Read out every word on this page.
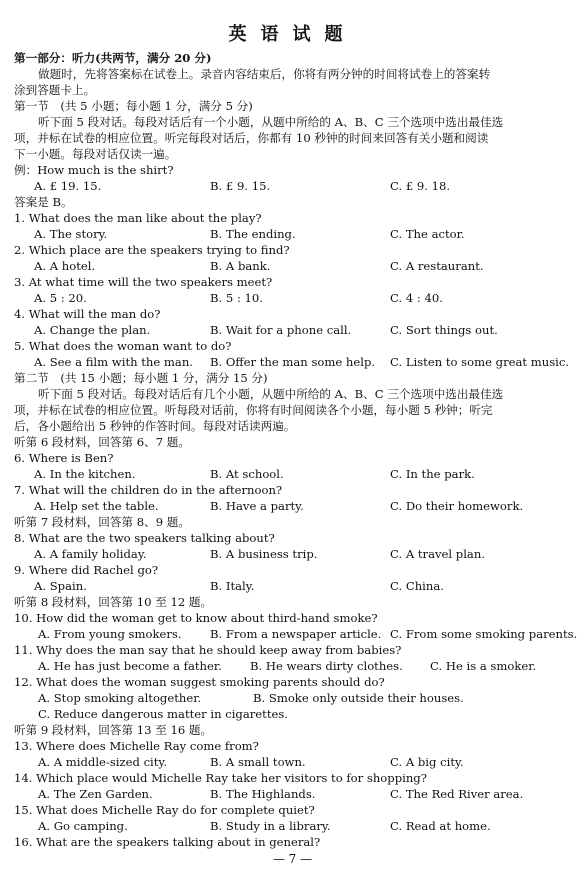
英语试题
第一部分：听力(共两节，满分 20 分)
做题时，先将答案标在试卷上。录音内容结束后，你将有两分钟的时间将试卷上的答案转
涂到答题卡上。
第一节　(共 5 小题；每小题 1 分，满分 5 分)
听下面 5 段对话。每段对话后有一个小题，从题中所给的 A、B、C 三个选项中选出最佳选
项，并标在试卷的相应位置。听完每段对话后，你都有 10 秒钟的时间来回答有关小题和阅读
下一小题。每段对话仅读一遍。
例：How much is the shirt?
A. £ 19. 15.	B. £ 9. 15.	C. £ 9. 18.
答案是 B。
1. What does the man like about the play?
A. The story.	B. The ending.	C. The actor.
2. Which place are the speakers trying to find?
A. A hotel.	B. A bank.	C. A restaurant.
3. At what time will the two speakers meet?
A. 5 : 20.	B. 5 : 10.	C. 4 : 40.
4. What will the man do?
A. Change the plan.	B. Wait for a phone call.	C. Sort things out.
5. What does the woman want to do?
A. See a film with the man. B. Offer the man some help. C. Listen to some great music.
第二节　(共 15 小题；每小题 1 分，满分 15 分)
听下面 5 段对话。每段对话后有几个小题，从题中所给的 A、B、C 三个选项中选出最佳选
项，并标在试卷的相应位置。听每段对话前，你将有时间阅读各个小题，每小题 5 秒钟；听完
后，各小题给出 5 秒钟的作答时间。每段对话读两遍。
听第 6 段材料，回答第 6、7 题。
6. Where is Ben?
A. In the kitchen.	B. At school.	C. In the park.
7. What will the children do in the afternoon?
A. Help set the table.	B. Have a party.	C. Do their homework.
听第 7 段材料，回答第 8、9 题。
8. What are the two speakers talking about?
A. A family holiday.	B. A business trip.	C. A travel plan.
9. Where did Rachel go?
A. Spain.	B. Italy.	C. China.
听第 8 段材料，回答第 10 至 12 题。
10. How did the woman get to know about third-hand smoke?
A. From young smokers. B. From a newspaper article. C. From some smoking parents.
11. Why does the man say that he should keep away from babies?
A. He has just become a father. B. He wears dirty clothes. C. He is a smoker.
12. What does the woman suggest smoking parents should do?
A. Stop smoking altogether.	B. Smoke only outside their houses.
C. Reduce dangerous matter in cigarettes.
听第 9 段材料，回答第 13 至 16 题。
13. Where does Michelle Ray come from?
A. A middle-sized city.	B. A small town.	C. A big city.
14. Which place would Michelle Ray take her visitors to for shopping?
A. The Zen Garden.	B. The Highlands.	C. The Red River area.
15. What does Michelle Ray do for complete quiet?
A. Go camping.	B. Study in a library.	C. Read at home.
16. What are the speakers talking about in general?
— 7 —
